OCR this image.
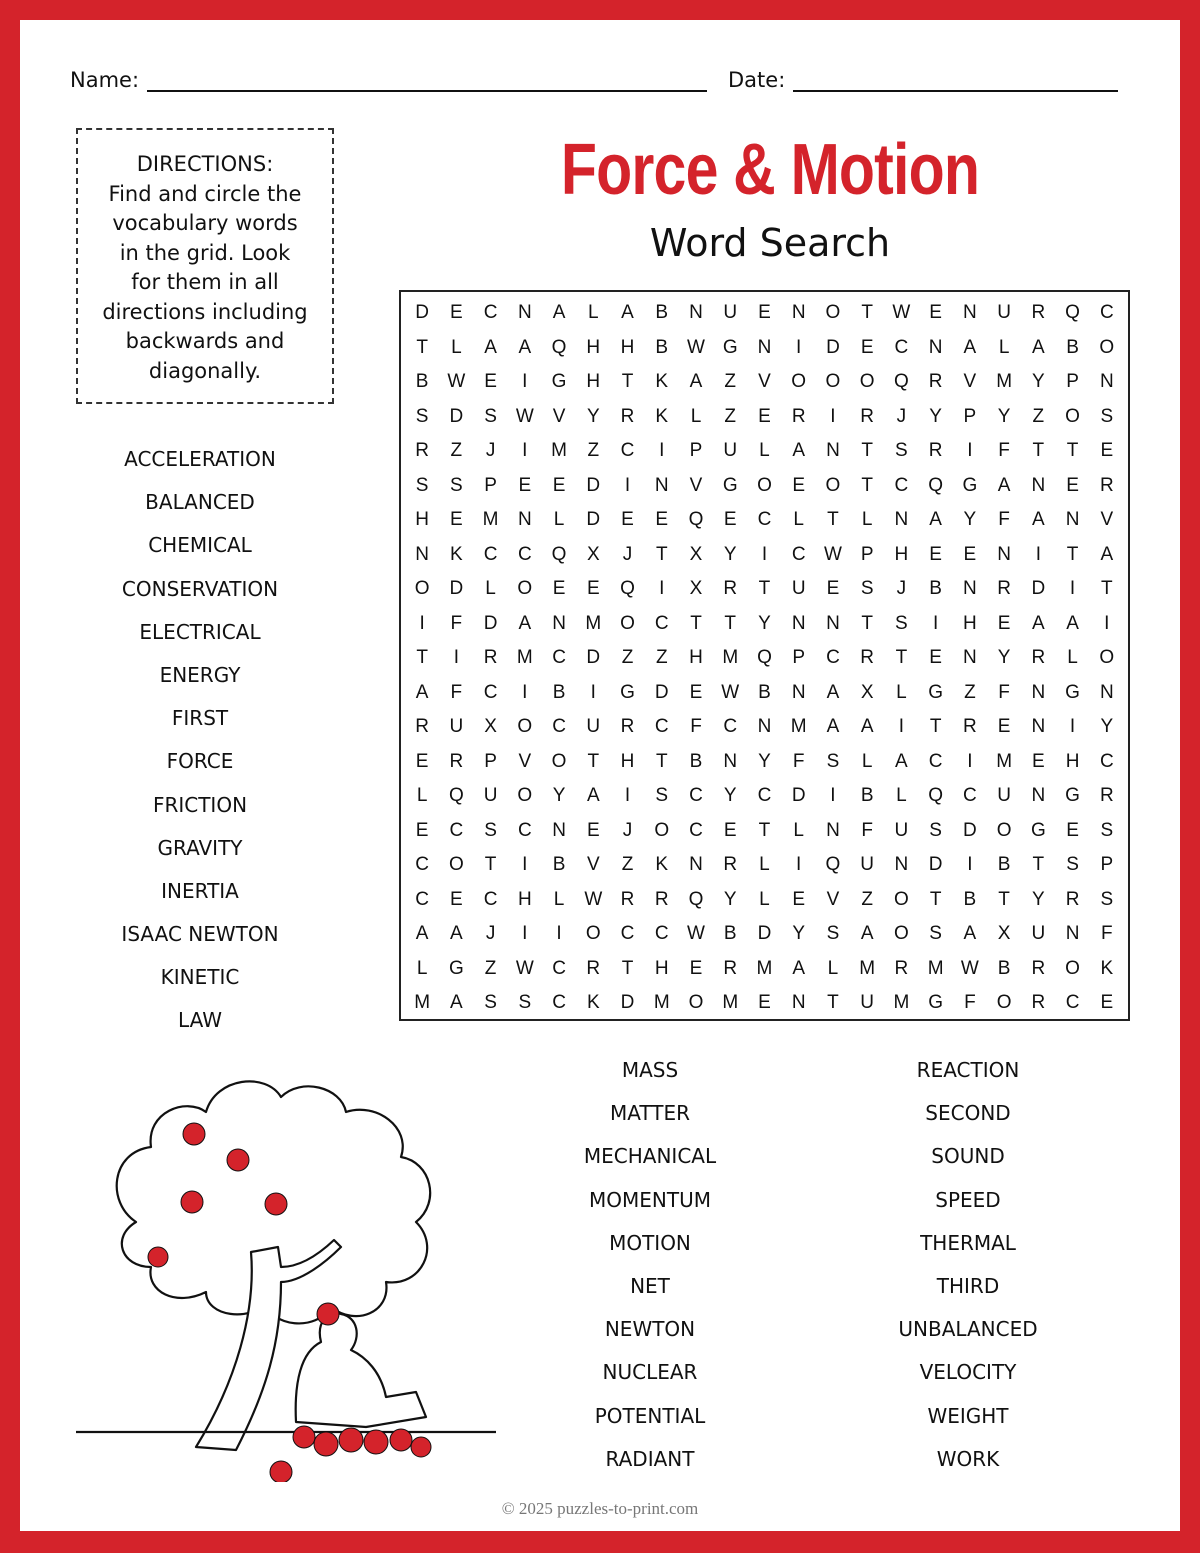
Name:	Date:
DIRECTIONS:
Find and circle the
vocabulary words
in the grid. Look
for them in all
directions including
backwards and
diagonally.
Force & Motion
Word Search
D	E	C	N	A	L	A	B	N	U	E	N	O	T	W E	N	U	R	Q	C
T	L	A	A	Q	H	H	B W G	N	I	D	E	C	N	A	L	A	B	O
B W E	I	G	H	T	K	A	Z	V	O	O	O	Q	R	V	M	Y	P	N
S	D	S W V	Y	R	K	L	Z	E	R	I	R	J	Y	P	Y	Z	O	S
R	Z	J	I	M	Z	C	I	P	U	L	A	N	T	S	R	I	F	T	T	E
S	S	P	E	E	D	I	N	V	G	O	E	O	T	C	Q	G	A	N	E	R
H	E	M	N	L	D	E	E	Q	E	C	L	T	L	N	A	Y	F	A	N	V
N	K	C	C	Q	X	J	T	X	Y	I	C W P	H	E	E	N	I	T	A
O	D	L	O	E	E	Q	I	X	R	T	U	E	S	J	B	N	R	D	I	T
I	F	D	A	N	M O	C	T	T	Y	N	N	T	S	I	H	E	A	A	I
T	I	R	M	C	D	Z	Z	H	M Q	P	C	R	T	E	N	Y	R	L	O
A	F	C	I	B	I	G	D	E W B	N	A	X	L	G	Z	F	N	G	N
R	U	X	O	C	U	R	C	F	C	N	M	A	A	I	T	R	E	N	I	Y
E	R	P	V	O	T	H	T	B	N	Y	F	S	L	A	C	I	M	E	H	C
L	Q	U	O	Y	A	I	S	C	Y	C	D	I	B	L	Q	C	U	N	G	R
E	C	S	C	N	E	J	O	C	E	T	L	N	F	U	S	D	O	G	E	S
C	O	T	I	B	V	Z	K	N	R	L	I	Q	U	N	D	I	B	T	S	P
C	E	C	H	L	W R	R	Q	Y	L	E	V	Z	O	T	B	T	Y	R	S
A	A	J	I	I	O	C	C W B	D	Y	S	A	O	S	A	X	U	N	F
L	G	Z	W C	R	T	H	E	R	M	A	L	M	R	M W B	R	O	K
M	A	S	S	C	K	D	M O M	E	N	T	U	M G	F	O	R	C	E
ACCELERATION
BALANCED
CHEMICAL
CONSERVATION
ELECTRICAL
ENERGY
FIRST
FORCE
FRICTION
GRAVITY
INERTIA
ISAAC NEWTON
KINETIC
LAW
MASS
MATTER
MECHANICAL
MOMENTUM
MOTION
NET
NEWTON
NUCLEAR
POTENTIAL
RADIANT
REACTION
SECOND
SOUND
SPEED
THERMAL
THIRD
UNBALANCED
VELOCITY
WEIGHT
WORK
© 2025 puzzles-to-print.com
